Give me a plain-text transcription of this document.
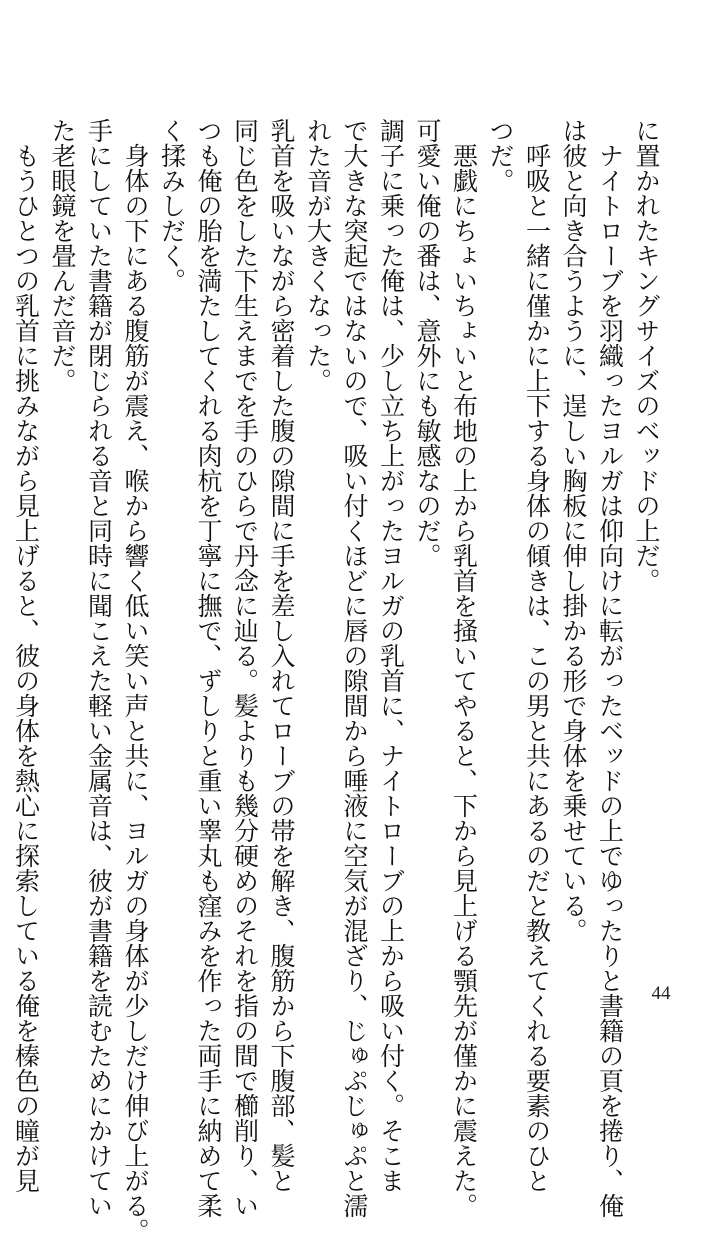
に置かれたキングサイズのベッドの上だ。

ナイトローブを羽織ったヨルガは仰向けに転がったベッドの上でゆったりと書籍の頁を捲り、俺

は彼と向き合うように、逞しい胸板に伸し掛かる形で身体を乗せている。

呼吸と一緒に僅かに上下する身体の傾きは、この男と共にあるのだと教えてくれる要素のひと

つだ。

悪戯にちょいちょいと布地の上から乳首を掻いてやると、下から見上げる顎先が僅かに震えた。

可愛い俺の番は、意外にも敏感なのだ。

調子に乗った俺は、少し立ち上がったヨルガの乳首に、ナイトローブの上から吸い付く。そこま

で大きな突起ではないので、吸い付くほどに唇の隙間から唾液に空気が混ざり、じゅぷじゅぷと濡

れた音が大きくなった。

乳首を吸いながら密着した腹の隙間に手を差し入れてローブの帯を解き、腹筋から下腹部、髪と

同じ色をした下生えまでを手のひらで丹念に辿る。髪よりも幾分硬めのそれを指の間で櫛削り、い

つも俺の胎を満たしてくれる肉杭を丁寧に撫で、ずしりと重い睾丸も窪みを作った両手に納めて柔

く揉みしだく。

身体の下にある腹筋が震え、喉から響く低い笑い声と共に、ヨルガの身体が少しだけ伸び上がる。

手にしていた書籍が閉じられる音と同時に聞こえた軽い金属音は、彼が書籍を読むためにかけてい

た老眼鏡を畳んだ音だ。

もうひとつの乳首に挑みながら見上げると、彼の身体を熱心に探索している俺を榛色の瞳が見	44
